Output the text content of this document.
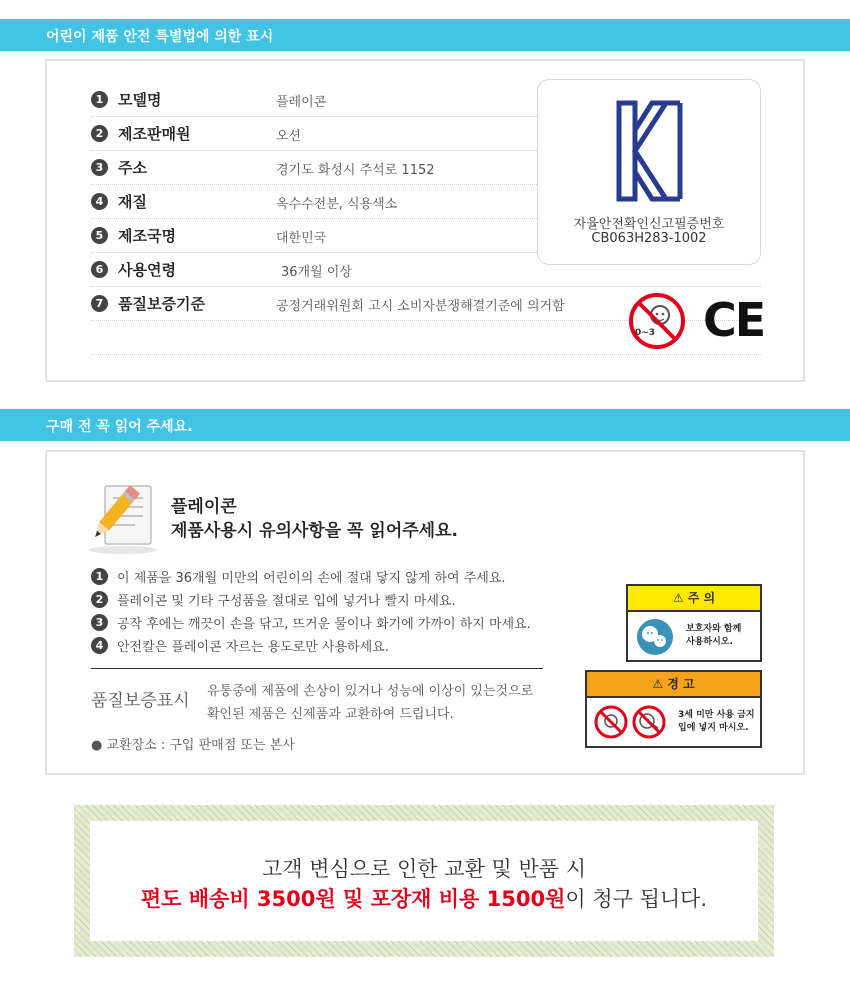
어린이 제품 안전 특별법에 의한 표시
1 모델명	플레이콘
2 제조판매원	오션
3 주소	경기도 화성시 주석로 1152
4 재질	옥수수전분, 식용색소
5 제조국명	대한민국
6 사용연령	36개월 이상
7 품질보증기준	공정거래위원회 고시 소비자분쟁해결기준에 의거함
자율안전확인신고필증번호
CB063H283-1002
0~3 CE
구매 전 꼭 읽어 주세요.
플레이콘
제품사용시 유의사항을 꼭 읽어주세요.
1	이 제품을 36개월 미만의 어린이의 손에 절대 닿지 않게 하여 주세요.
2	플레이콘 및 기타 구성품을 절대로 입에 넣거나 빨지 마세요.
3	공작 후에는 깨끗이 손을 닦고, 뜨거운 물이나 화기에 가까이 하지 마세요.
4	안전칼은 플레이콘 자르는 용도로만 사용하세요.
품질보증표시 유통중에 제품에 손상이 있거나 성능에 이상이 있는것으로
확인된 제품은 신제품과 교환하여 드립니다.
● 교환장소 : 구입 판매점 또는 본사
⚠ 주 의
보호자와 함께
사용하시오.
⚠ 경 고
3세 미만 사용 금지
입에 넣지 마시오.
고객 변심으로 인한 교환 및 반품 시
편도 배송비 3500원 및 포장재 비용 1500원이 청구 됩니다.
